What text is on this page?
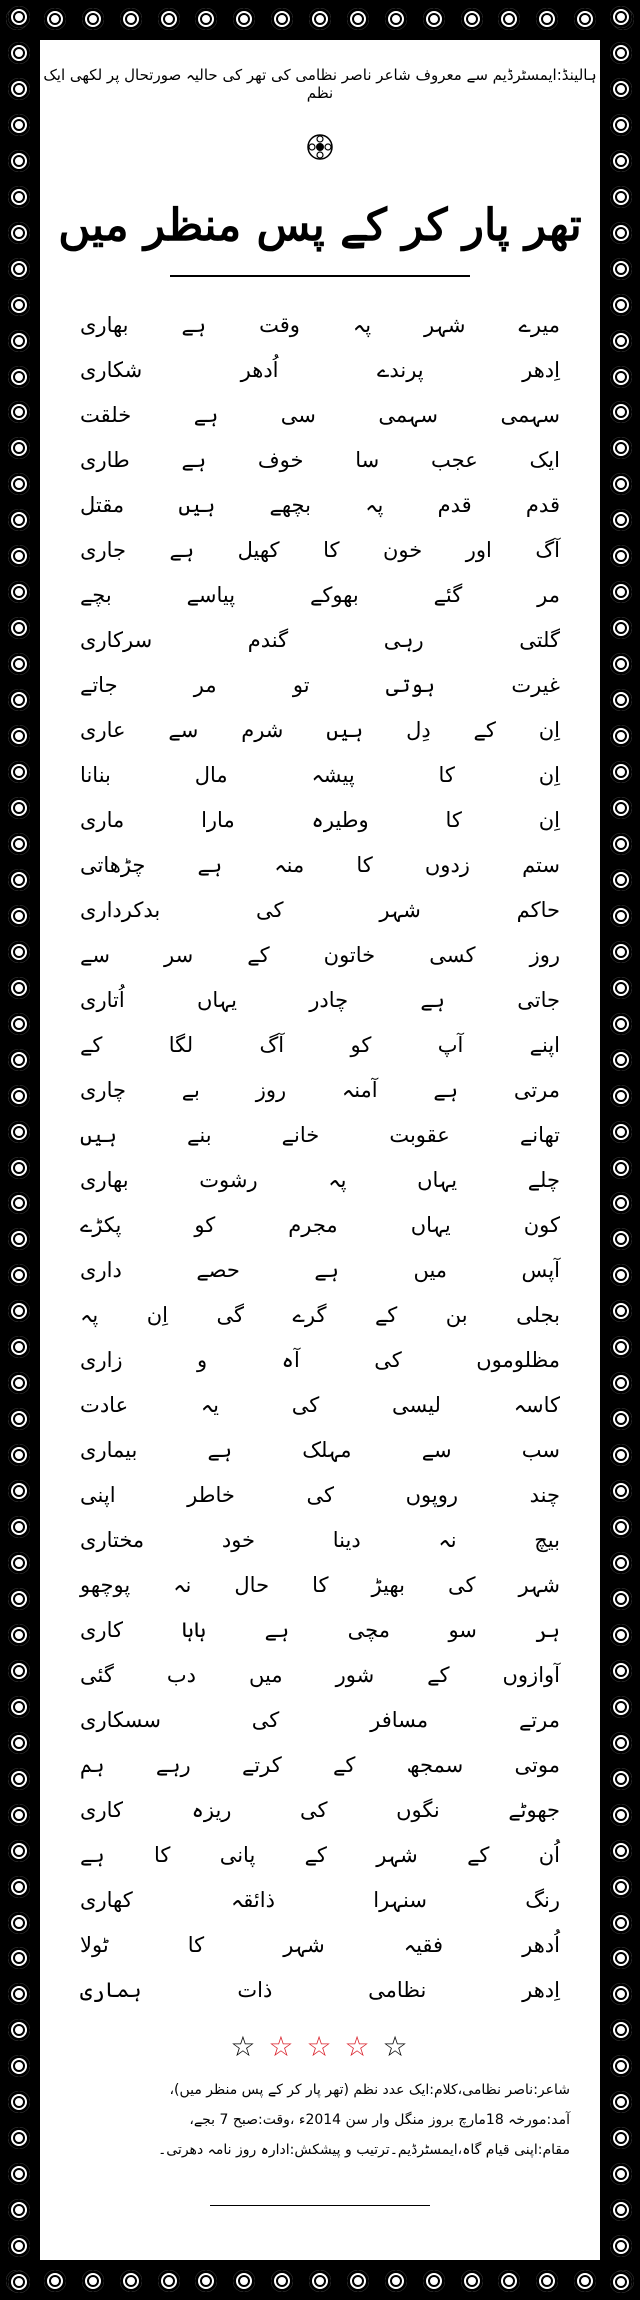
ہالینڈ:ایمسٹرڈیم سے معروف شاعر ناصر نظامی کی تھر کی حالیہ صورتحال پر لکھی ایک نظم
تھر پار کر کے پس منظر میں
میرے
شہر
پہ
وقت
ہے
بھاری
اِدھر
پرندے
اُدھر
شکاری
سہمی
سہمی
سی
ہے
خلقت
ایک
عجب
سا
خوف
ہے
طاری
قدم
قدم
پہ
بچھے
ہیں
مقتل
آگ
اور
خون
کا
کھیل
ہے
جاری
مر
گئے
بھوکے
پیاسے
بچے
گلتی
رہی
گندم
سرکاری
غیرت
ہوتی
تو
مر
جاتے
اِن
کے
دِل
ہیں
شرم
سے
عاری
اِن
کا
پیشہ
مال
بنانا
اِن
کا
وطیرہ
مارا
ماری
ستم
زدوں
کا
منہ
ہے
چڑھاتی
حاکم
شہر
کی
بدکرداری
روز
کسی
خاتون
کے
سر
سے
جاتی
ہے
چادر
یہاں
اُتاری
اپنے
آپ
کو
آگ
لگا
کے
مرتی
ہے
آمنہ
روز
بے
چاری
تھانے
عقوبت
خانے
بنے
ہیں
چلے
یہاں
پہ
رشوت
بھاری
کون
یہاں
مجرم
کو
پکڑے
آپس
میں
ہے
حصے
داری
بجلی
بن
کے
گرے
گی
اِن
پہ
مظلوموں
کی
آہ
و
زاری
کاسہ
لیسی
کی
یہ
عادت
سب
سے
مہلک
ہے
بیماری
چند
روپوں
کی
خاطر
اپنی
بیچ
نہ
دینا
خود
مختاری
شہر
کی
بھیڑ
کا
حال
نہ
پوچھو
ہر
سو
مچی
ہے
ہاہا
کاری
آوازوں
کے
شور
میں
دب
گئی
مرتے
مسافر
کی
سسکاری
موتی
سمجھ
کے
کرتے
رہے
ہم
جھوٹے
نگوں
کی
ریزہ
کاری
اُن
کے
شہر
کے
پانی
کا
ہے
رنگ
سنہرا
ذائقہ
کھاری
اُدھر
فقیہ
شہر
کا
ٹولا
اِدھر
نظامی
ذات
ہماری
☆ ☆ ☆ ☆ ☆
شاعر:ناصر نظامی،کلام:ایک عدد نظم (تھر پار کر کے پس منظر میں)،
آمد:مورخہ 18مارچ بروز منگل وار سن 2014ء ،وقت:صبح 7 بجے،
مقام:اپنی قیام گاہ،ایمسٹرڈیم۔ترتیب و پیشکش:ادارہ روز نامہ دھرتی۔
